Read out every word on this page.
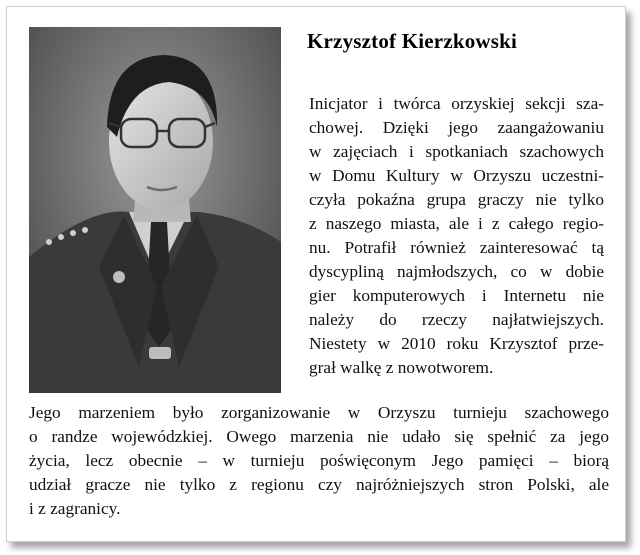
Krzysztof Kierzkowski

Inicjator i twórca orzyskiej sekcji sza-

chowej. Dzięki jego zaangażowaniu

w zajęciach i spotkaniach szachowych

w Domu Kultury w Orzyszu uczestni-

czyła pokaźna grupa graczy nie tylko

z naszego miasta, ale i z całego regio-

nu. Potrafił również zainteresować tą

dyscypliną najmłodszych, co w dobie

gier komputerowych i Internetu nie

należy do rzeczy najłatwiejszych.

Niestety w 2010 roku Krzysztof prze-

grał walkę z nowotworem.

Jego marzeniem było zorganizowanie w Orzyszu turnieju szachowego

o randze wojewódzkiej. Owego marzenia nie udało się spełnić za jego

życia, lecz obecnie – w turnieju poświęconym Jego pamięci – biorą

udział gracze nie tylko z regionu czy najróżniejszych stron Polski, ale

i z zagranicy.
